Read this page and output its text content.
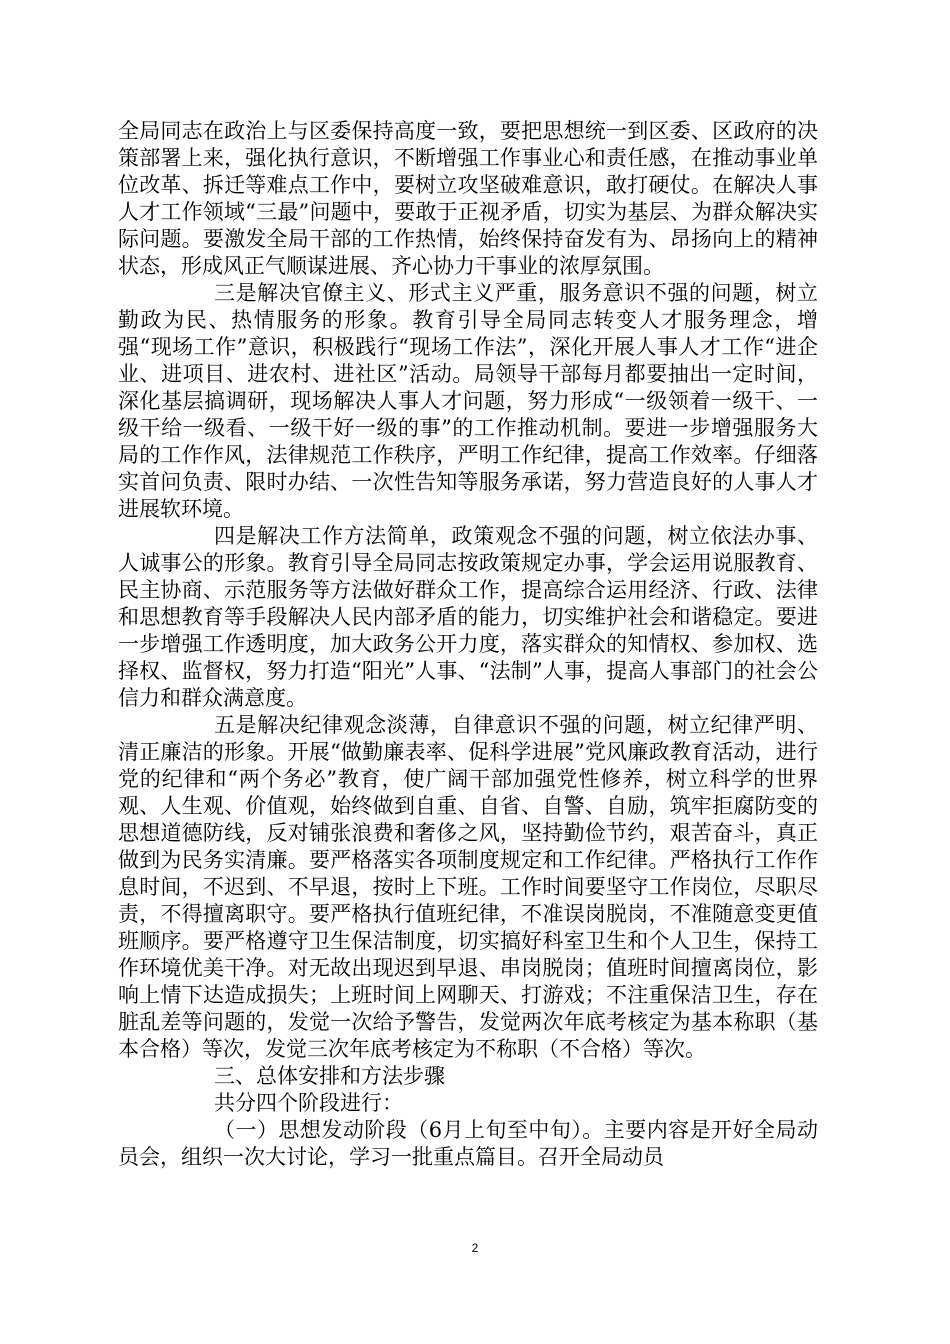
全局同志在政治上与区委保持高度一致，要把思想统一到区委、区政府的决策部署上来，强化执行意识，不断增强工作事业心和责任感，在推动事业单位改革、拆迁等难点工作中，要树立攻坚破难意识，敢打硬仗。在解决人事人才工作领域“三最”问题中，要敢于正视矛盾，切实为基层、为群众解决实际问题。要激发全局干部的工作热情，始终保持奋发有为、昂扬向上的精神状态，形成风正气顺谋进展、齐心协力干事业的浓厚氛围。

三是解决官僚主义、形式主义严重，服务意识不强的问题，树立勤政为民、热情服务的形象。教育引导全局同志转变人才服务理念，增强“现场工作”意识，积极践行“现场工作法”，深化开展人事人才工作“进企业、进项目、进农村、进社区”活动。局领导干部每月都要抽出一定时间，深化基层搞调研，现场解决人事人才问题，努力形成“一级领着一级干、一级干给一级看、一级干好一级的事”的工作推动机制。要进一步增强服务大局的工作作风，法律规范工作秩序，严明工作纪律，提高工作效率。仔细落实首问负责、限时办结、一次性告知等服务承诺，努力营造良好的人事人才进展软环境。

四是解决工作方法简单，政策观念不强的问题，树立依法办事、人诚事公的形象。教育引导全局同志按政策规定办事，学会运用说服教育、民主协商、示范服务等方法做好群众工作，提高综合运用经济、行政、法律和思想教育等手段解决人民内部矛盾的能力，切实维护社会和谐稳定。要进一步增强工作透明度，加大政务公开力度，落实群众的知情权、参加权、选择权、监督权，努力打造“阳光”人事、“法制”人事，提高人事部门的社会公信力和群众满意度。

五是解决纪律观念淡薄，自律意识不强的问题，树立纪律严明、清正廉洁的形象。开展“做勤廉表率、促科学进展”党风廉政教育活动，进行党的纪律和“两个务必”教育，使广阔干部加强党性修养，树立科学的世界观、人生观、价值观，始终做到自重、自省、自警、自励，筑牢拒腐防变的思想道德防线，反对铺张浪费和奢侈之风，坚持勤俭节约，艰苦奋斗，真正做到为民务实清廉。要严格落实各项制度规定和工作纪律。严格执行工作作息时间，不迟到、不早退，按时上下班。工作时间要坚守工作岗位，尽职尽责，不得擅离职守。要严格执行值班纪律，不准误岗脱岗，不准随意变更值班顺序。要严格遵守卫生保洁制度，切实搞好科室卫生和个人卫生，保持工作环境优美干净。对无故出现迟到早退、串岗脱岗；值班时间擅离岗位，影响上情下达造成损失；上班时间上网聊天、打游戏；不注重保洁卫生，存在脏乱差等问题的，发觉一次给予警告，发觉两次年底考核定为基本称职（基本合格）等次，发觉三次年底考核定为不称职（不合格）等次。

三、总体安排和方法步骤

共分四个阶段进行：

（一）思想发动阶段（6月上旬至中旬）。主要内容是开好全局动员会，组织一次大讨论，学习一批重点篇目。召开全局动员

2
